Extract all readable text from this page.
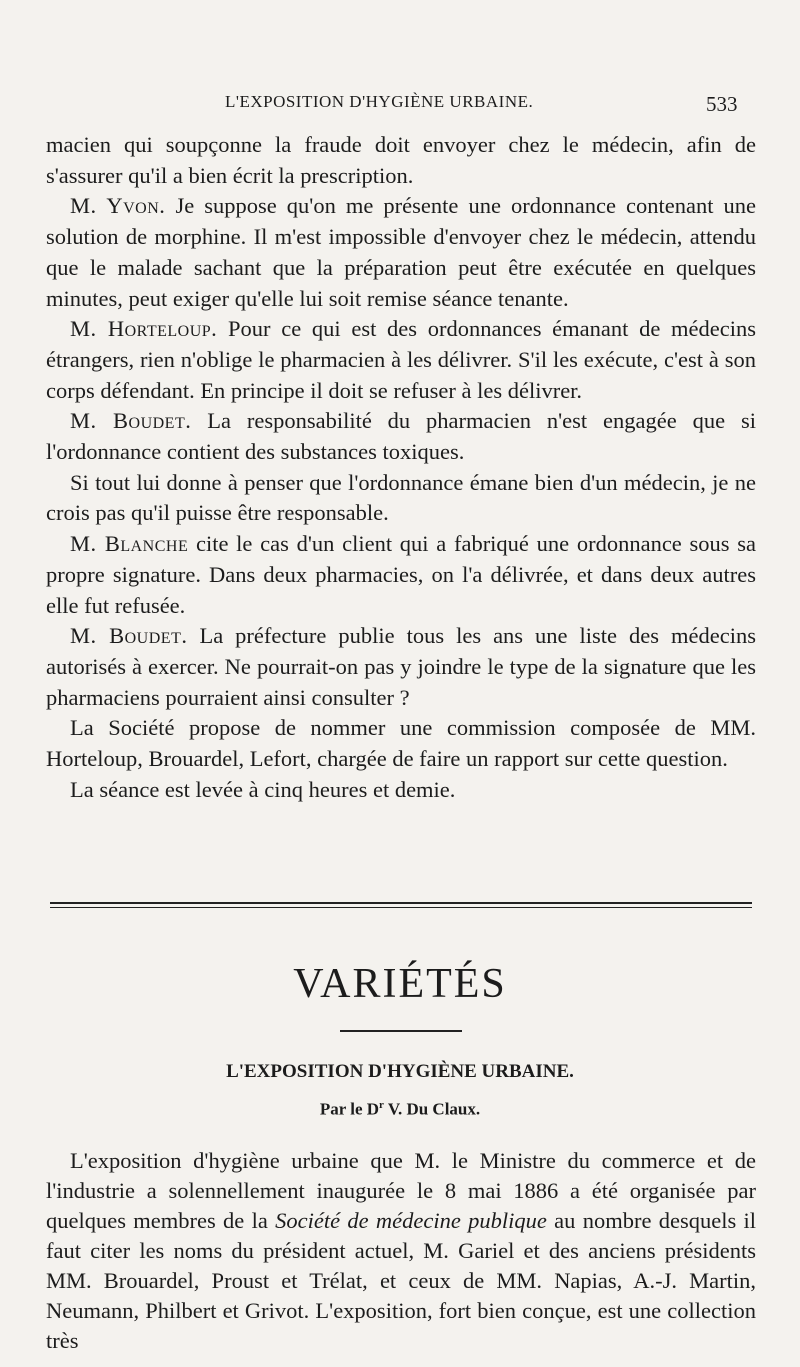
L'EXPOSITION D'HYGIÈNE URBAINE.	533

macien qui soupçonne la fraude doit envoyer chez le médecin, afin de s'assurer qu'il a bien écrit la prescription.

M. Yvon. Je suppose qu'on me présente une ordonnance contenant une solution de morphine. Il m'est impossible d'envoyer chez le médecin, attendu que le malade sachant que la préparation peut être exécutée en quelques minutes, peut exiger qu'elle lui soit remise séance tenante.

M. Horteloup. Pour ce qui est des ordonnances émanant de médecins étrangers, rien n'oblige le pharmacien à les délivrer. S'il les exécute, c'est à son corps défendant. En principe il doit se refuser à les délivrer.

M. Boudet. La responsabilité du pharmacien n'est engagée que si l'ordonnance contient des substances toxiques.

Si tout lui donne à penser que l'ordonnance émane bien d'un médecin, je ne crois pas qu'il puisse être responsable.

M. Blanche cite le cas d'un client qui a fabriqué une ordonnance sous sa propre signature. Dans deux pharmacies, on l'a délivrée, et dans deux autres elle fut refusée.

M. Boudet. La préfecture publie tous les ans une liste des médecins autorisés à exercer. Ne pourrait-on pas y joindre le type de la signature que les pharmaciens pourraient ainsi consulter ?

La Société propose de nommer une commission composée de MM. Horteloup, Brouardel, Lefort, chargée de faire un rapport sur cette question.

La séance est levée à cinq heures et demie.

VARIÉTÉS
L'EXPOSITION D'HYGIÈNE URBAINE.
Par le $D^r$ V. Du Claux.

L'exposition d'hygiène urbaine que M. le Ministre du commerce et de l'industrie a solennellement inaugurée le 8 mai 1886 a été organisée par quelques membres de la Société de médecine publique au nombre desquels il faut citer les noms du président actuel, M. Gariel et des anciens présidents MM. Brouardel, Proust et Trélat, et ceux de MM. Napias, A.-J. Martin, Neumann, Philbert et Grivot. L'exposition, fort bien conçue, est une collection très
